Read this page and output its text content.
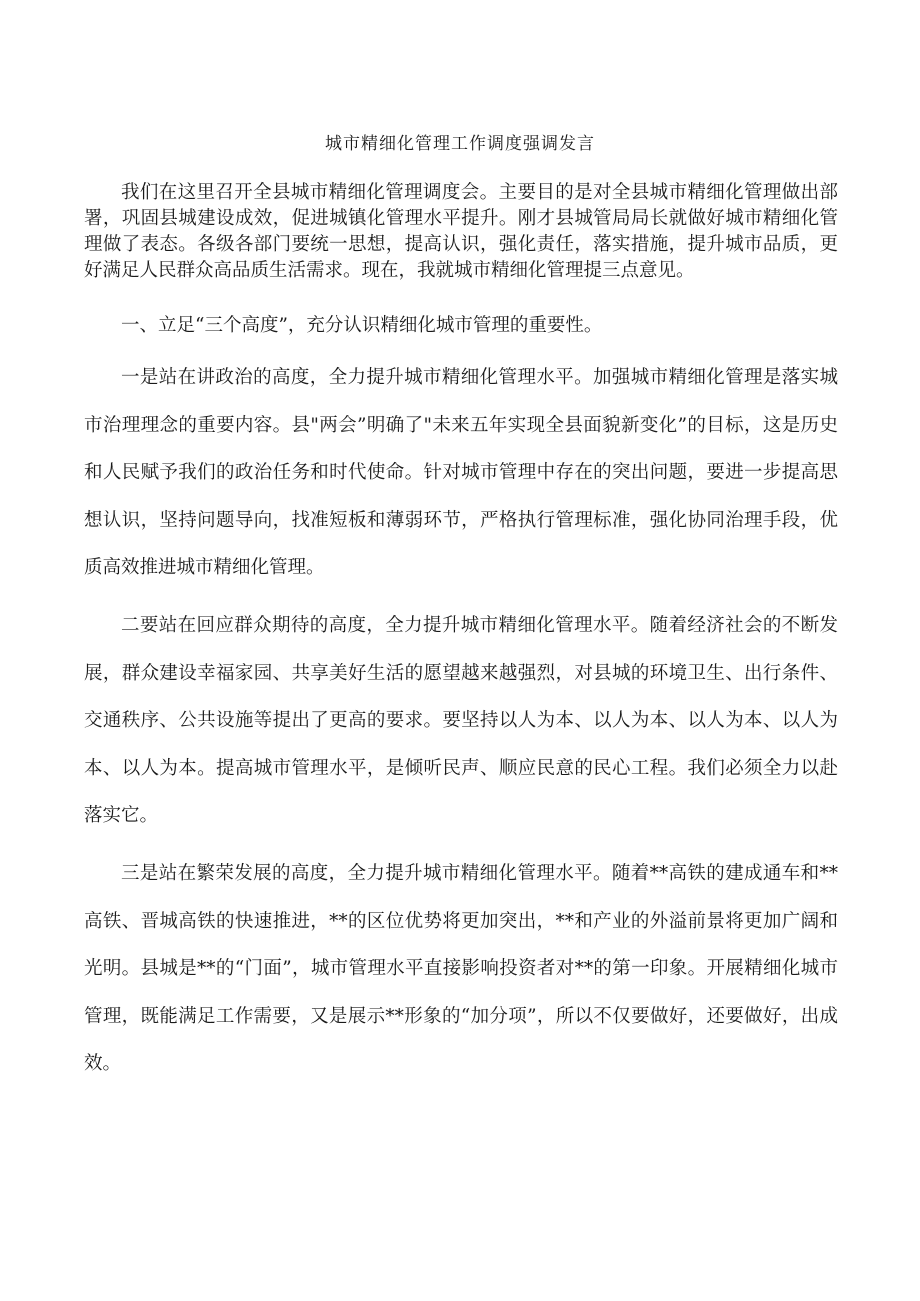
城市精细化管理工作调度强调发言

我们在这里召开全县城市精细化管理调度会。主要目的是对全县城市精细化管理做出部署，巩固县城建设成效，促进城镇化管理水平提升。刚才县城管局局长就做好城市精细化管理做了表态。各级各部门要统一思想，提高认识，强化责任，落实措施，提升城市品质，更好满足人民群众高品质生活需求。现在，我就城市精细化管理提三点意见。

一、立足“三个高度”，充分认识精细化城市管理的重要性。

一是站在讲政治的高度，全力提升城市精细化管理水平。加强城市精细化管理是落实城市治理理念的重要内容。县"两会”明确了"未来五年实现全县面貌新变化”的目标，这是历史和人民赋予我们的政治任务和时代使命。针对城市管理中存在的突出问题，要进一步提高思想认识，坚持问题导向，找准短板和薄弱环节，严格执行管理标准，强化协同治理手段，优质高效推进城市精细化管理。

二要站在回应群众期待的高度，全力提升城市精细化管理水平。随着经济社会的不断发展，群众建设幸福家园、共享美好生活的愿望越来越强烈，对县城的环境卫生、出行条件、交通秩序、公共设施等提出了更高的要求。要坚持以人为本、以人为本、以人为本、以人为本、以人为本。提高城市管理水平，是倾听民声、顺应民意的民心工程。我们必须全力以赴落实它。

三是站在繁荣发展的高度，全力提升城市精细化管理水平。随着**高铁的建成通车和**高铁、晋城高铁的快速推进，**的区位优势将更加突出，**和产业的外溢前景将更加广阔和光明。县城是**的“门面”，城市管理水平直接影响投资者对**的第一印象。开展精细化城市管理，既能满足工作需要，又是展示**形象的“加分项”，所以不仅要做好，还要做好，出成效。
